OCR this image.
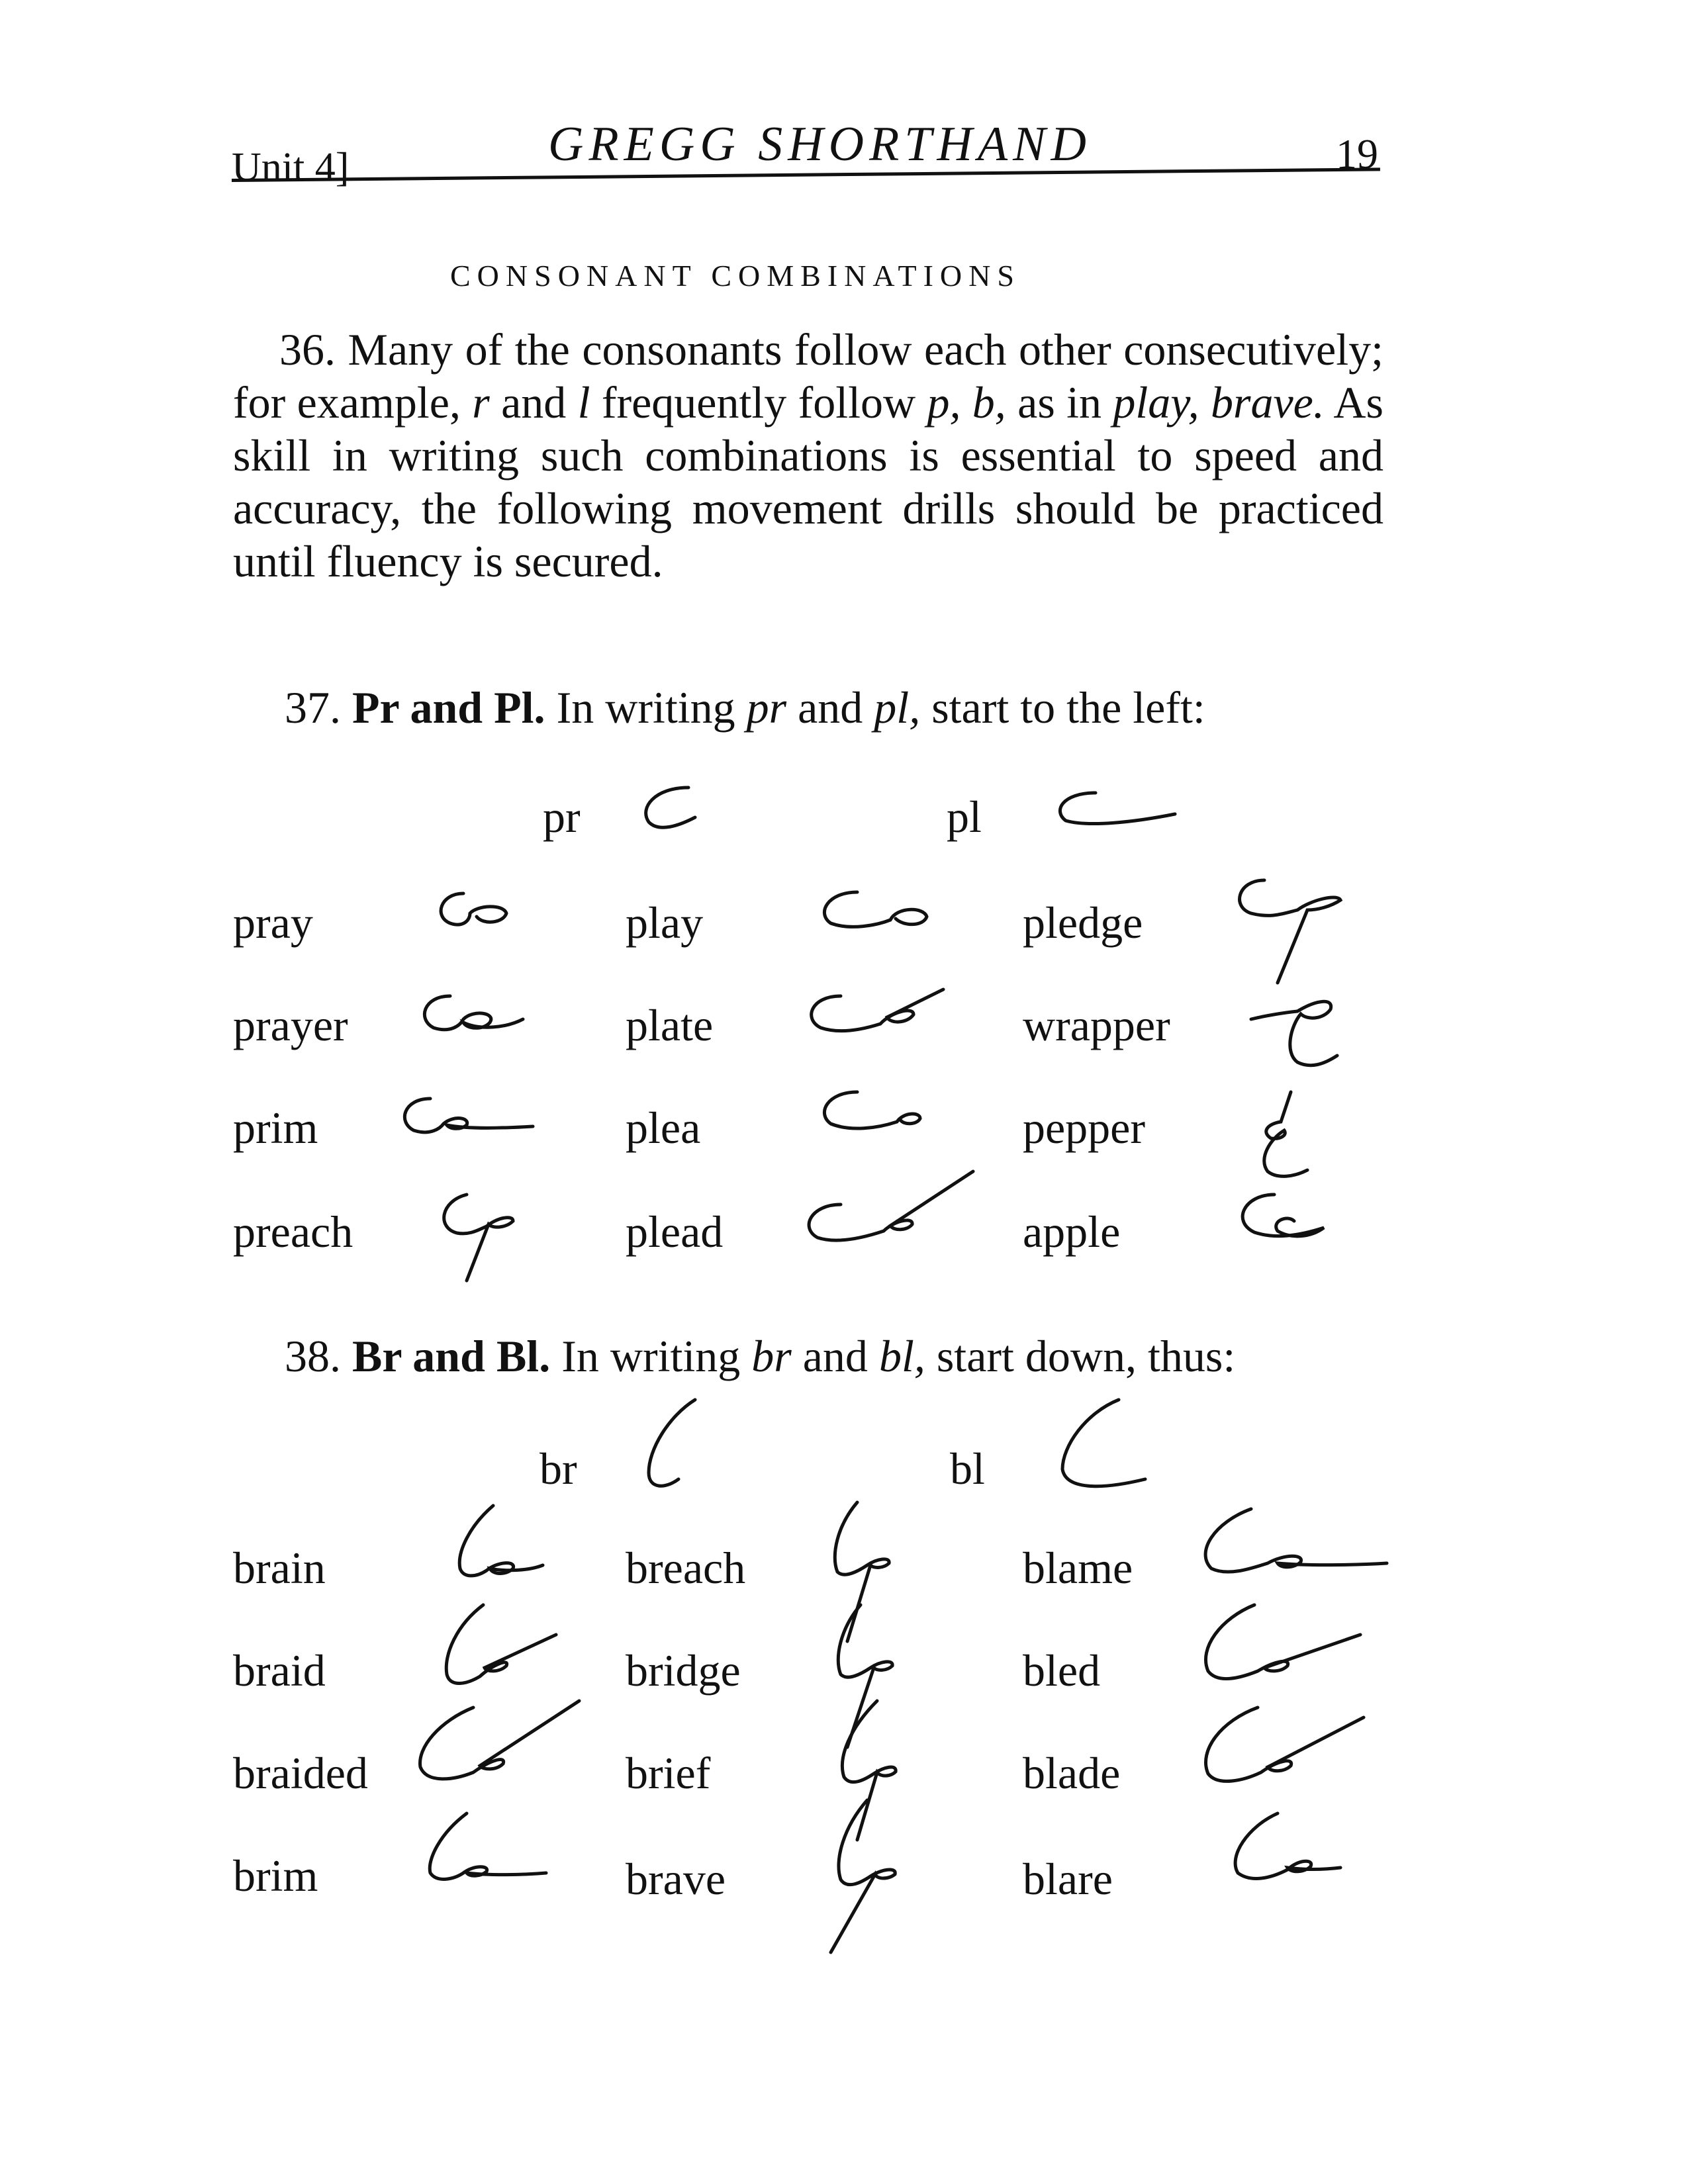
Unit 4]	GREGG SHORTHAND	19
CONSONANT COMBINATIONS
36. Many of the consonants follow each other consecutively; for example, r and l frequently follow p, b, as in play, brave. As skill in writing such combinations is essential to speed and accuracy, the following movement drills should be practiced until fluency is secured.
37. Pr and Pl. In writing pr and pl, start to the left:
pr	pl
pray	play	pledge
prayer	plate	wrapper
prim	plea	pepper
preach	plead	apple
38. Br and Bl. In writing br and bl, start down, thus:
br	bl
brain	breach	blame
braid	bridge	bled
braided	brief	blade
brim	brave	blare
